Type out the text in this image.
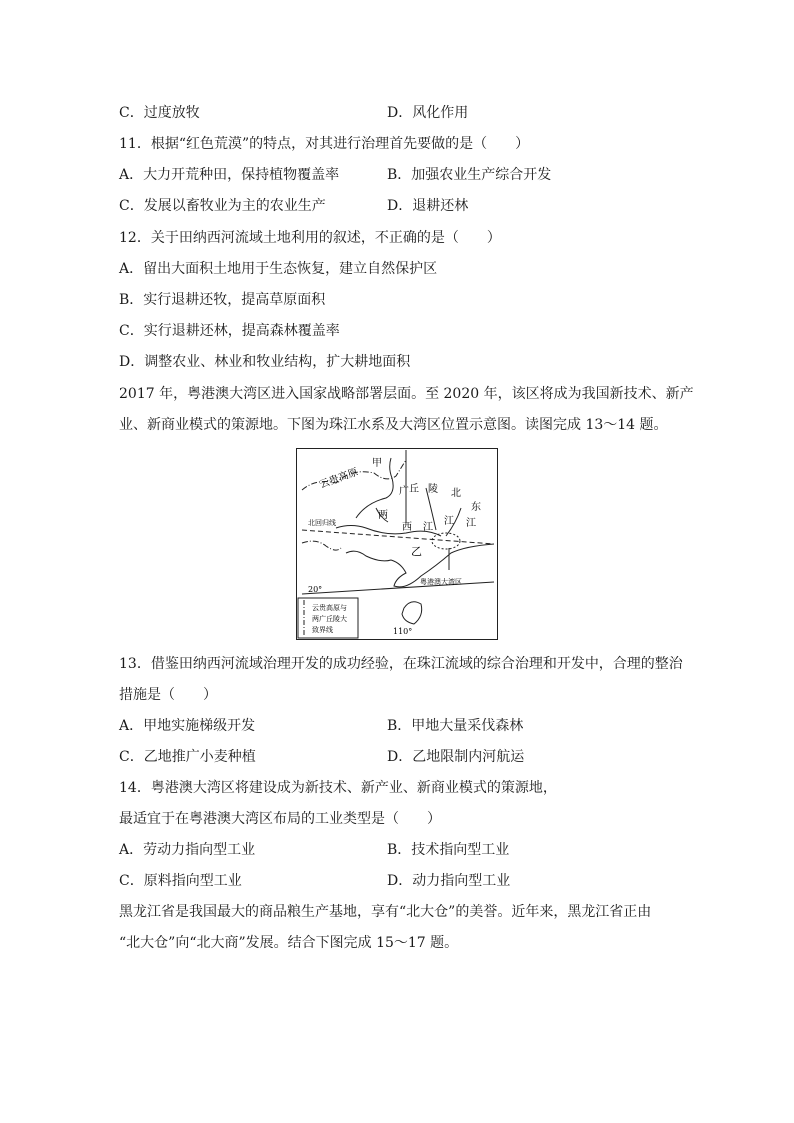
C．过度放牧	D．风化作用
11．根据“红色荒漠”的特点，对其进行治理首先要做的是（　　）
A．大力开荒种田，保持植物覆盖率	B．加强农业生产综合开发
C．发展以畜牧业为主的农业生产	D．退耕还林
12．关于田纳西河流域土地利用的叙述，不正确的是（　　）
A．留出大面积土地用于生态恢复，建立自然保护区
B．实行退耕还牧，提高草原面积
C．实行退耕还林，提高森林覆盖率
D．调整农业、林业和牧业结构，扩大耕地面积
2017 年，粤港澳大湾区进入国家战略部署层面。至 2020 年，该区将成为我国新技术、新产
业、新商业模式的策源地。下图为珠江水系及大湾区位置示意图。读图完成 13～14 题。
云贵高原
甲
广
两
丘 陵 北
东
西 江
江 江
乙
北回归线
粤港澳大湾区
20°
110°
云贵高原与
两广丘陵大
致界线
13．借鉴田纳西河流域治理开发的成功经验，在珠江流域的综合治理和开发中，合理的整治
措施是（　　）
A．甲地实施梯级开发	B．甲地大量采伐森林
C．乙地推广小麦种植	D．乙地限制内河航运
14．粤港澳大湾区将建设成为新技术、新产业、新商业模式的策源地，
最适宜于在粤港澳大湾区布局的工业类型是（　　）
A．劳动力指向型工业	B．技术指向型工业
C．原料指向型工业	D．动力指向型工业
黑龙江省是我国最大的商品粮生产基地，享有“北大仓”的美誉。近年来，黑龙江省正由
“北大仓”向“北大商”发展。结合下图完成 15～17 题。
